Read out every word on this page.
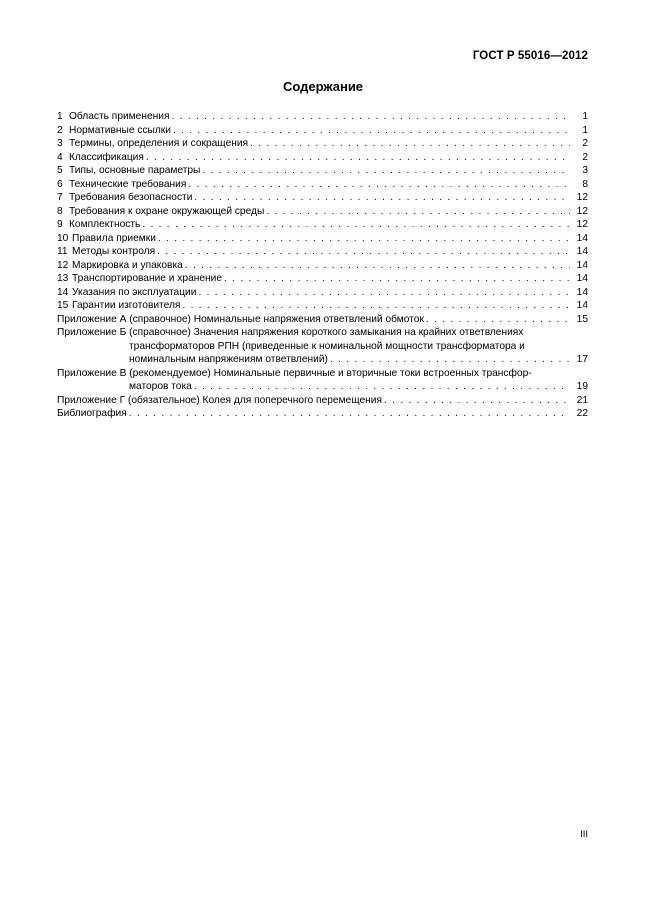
ГОСТ Р 55016—2012
Содержание
1 Область применения . . .	1
2 Нормативные ссылки . . .	1
3 Термины, определения и сокращения . . .	2
4 Классификация . . .	2
5 Типы, основные параметры . . .	3
6 Технические требования . . .	8
7 Требования безопасности . . .	12
8 Требования к охране окружающей среды . . .	12
9 Комплектность . . .	12
10 Правила приемки . . .	14
11 Методы контроля . . .	14
12 Маркировка и упаковка . . .	14
13 Транспортирование и хранение . . .	14
14 Указания по эксплуатации . . .	14
15 Гарантии изготовителя . . .	14
Приложение А (справочное) Номинальные напряжения ответвлений обмоток . . .	15
Приложение Б (справочное) Значения напряжения короткого замыкания на крайних ответвлениях
трансформаторов РПН (приведенные к номинальной мощности трансформатора и
номинальным напряжениям ответвлений) . . .	17
Приложение В (рекомендуемое) Номинальные первичные и вторичные токи встроенных трансфор-
маторов тока . . .	19
Приложение Г (обязательное) Колея для поперечного перемещения . . .	21
Библиография . . .	22
III
